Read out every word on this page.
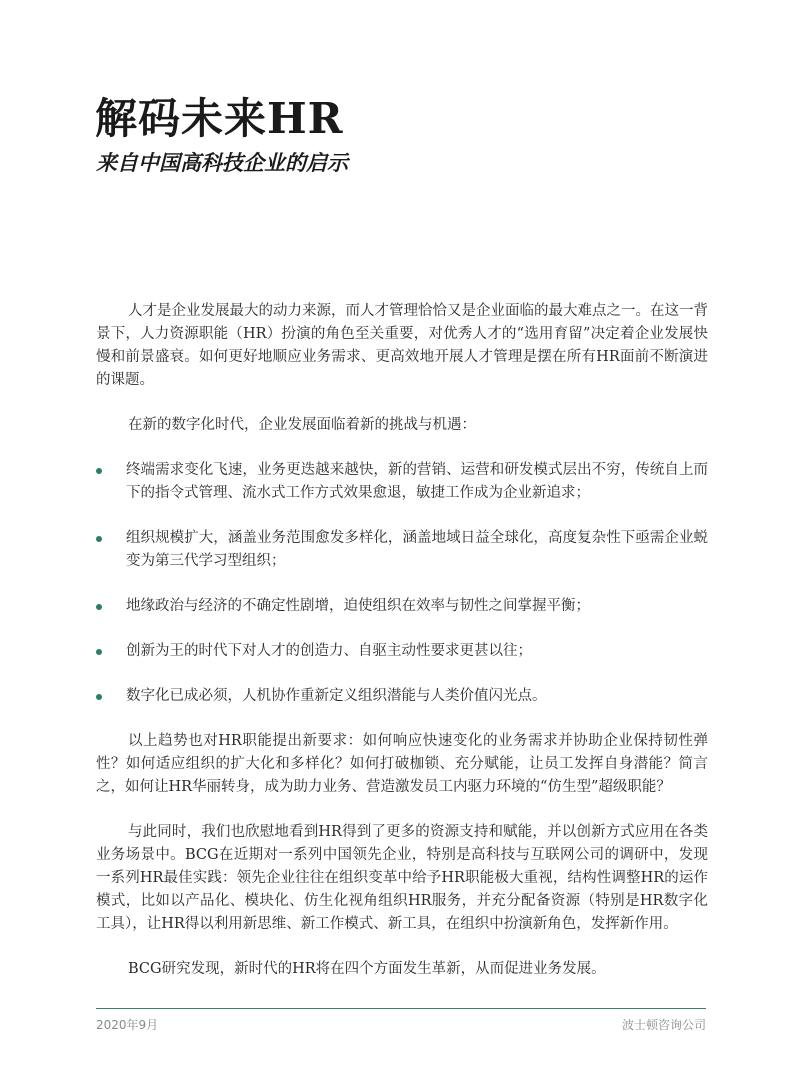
解码未来HR
来自中国高科技企业的启示

人才是企业发展最大的动力来源，而人才管理恰恰又是企业面临的最大难点之一。在这一背景下，人力资源职能（HR）扮演的角色至关重要，对优秀人才的“选用育留”决定着企业发展快慢和前景盛衰。如何更好地顺应业务需求、更高效地开展人才管理是摆在所有HR面前不断演进的课题。

在新的数字化时代，企业发展面临着新的挑战与机遇：

终端需求变化飞速，业务更迭越来越快，新的营销、运营和研发模式层出不穷，传统自上而下的指令式管理、流水式工作方式效果愈退，敏捷工作成为企业新追求；
组织规模扩大，涵盖业务范围愈发多样化，涵盖地域日益全球化，高度复杂性下亟需企业蜕变为第三代学习型组织；
地缘政治与经济的不确定性剧增，迫使组织在效率与韧性之间掌握平衡；
创新为王的时代下对人才的创造力、自驱主动性要求更甚以往；
数字化已成必须，人机协作重新定义组织潜能与人类价值闪光点。

以上趋势也对HR职能提出新要求：如何响应快速变化的业务需求并协助企业保持韧性弹性？如何适应组织的扩大化和多样化？如何打破枷锁、充分赋能，让员工发挥自身潜能？简言之，如何让HR华丽转身，成为助力业务、营造激发员工内驱力环境的“仿生型”超级职能？

与此同时，我们也欣慰地看到HR得到了更多的资源支持和赋能，并以创新方式应用在各类业务场景中。BCG在近期对一系列中国领先企业，特别是高科技与互联网公司的调研中，发现一系列HR最佳实践：领先企业往往在组织变革中给予HR职能极大重视，结构性调整HR的运作模式，比如以产品化、模块化、仿生化视角组织HR服务，并充分配备资源（特别是HR数字化工具），让HR得以利用新思维、新工作模式、新工具，在组织中扮演新角色，发挥新作用。

BCG研究发现，新时代的HR将在四个方面发生革新，从而促进业务发展。

2020年9月	波士顿咨询公司
